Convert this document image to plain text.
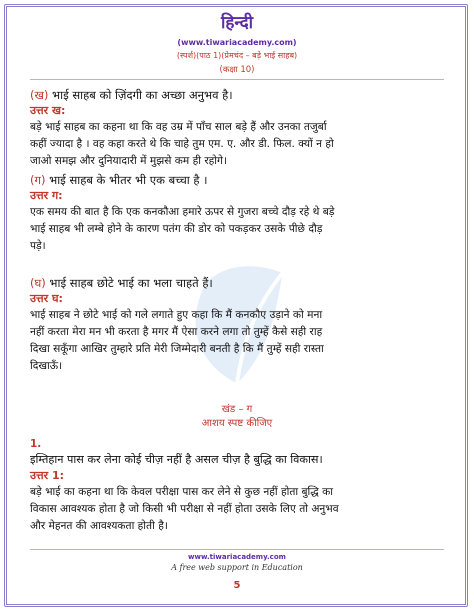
हिन्दी
(www.tiwariacademy.com)
(स्पर्श)(पाठ 1)(प्रेमचंद – बड़े भाई साहब)
(कक्षा 10)
(ख) भाई साहब को ज़िंदगी का अच्छा अनुभव है।
उत्तर ख:
बड़े भाई साहब का कहना था कि वह उम्र में पाँच साल बड़े हैं और उनका तजुर्बा
कहीं ज्यादा है । वह कहा करते थे कि चाहे तुम एम. ए. और डी. फिल. क्यों न हो
जाओ समझ और दुनियादारी में मुझसे कम ही रहोगे।
(ग) भाई साहब के भीतर भी एक बच्चा है ।
उत्तर ग:
एक समय की बात है कि एक कनकौआ हमारे ऊपर से गुजरा बच्चे दौड़ रहे थे बड़े
भाई साहब भी लम्बे होने के कारण पतंग की डोर को पकड़कर उसके पीछे दौड़
पड़े।
(घ) भाई साहब छोटे भाई का भला चाहते हैं।
उत्तर घ:
भाई साहब ने छोटे भाई को गले लगाते हुए कहा कि मैं कनकौए उड़ाने को मना
नहीं करता मेरा मन भी करता है मगर मैं ऐसा करने लगा तो तुम्हें कैसे सही राह
दिखा सकूँगा आखिर तुम्हारे प्रति मेरी जिम्मेदारी बनती है कि मैं तुम्हें सही रास्ता
दिखाऊँ।
खंड – ग
आशय स्पष्ट कीजिए
1.
इम्तिहान पास कर लेना कोई चीज़ नहीं है असल चीज़ है बुद्धि का विकास।
उत्तर 1:
बड़े भाई का कहना था कि केवल परीक्षा पास कर लेने से कुछ नहीं होता बुद्धि का
विकास आवश्यक होता है जो किसी भी परीक्षा से नहीं होता उसके लिए तो अनुभव
और मेहनत की आवश्यकता होती है।
www.tiwariacademy.com
A free web support in Education
5
